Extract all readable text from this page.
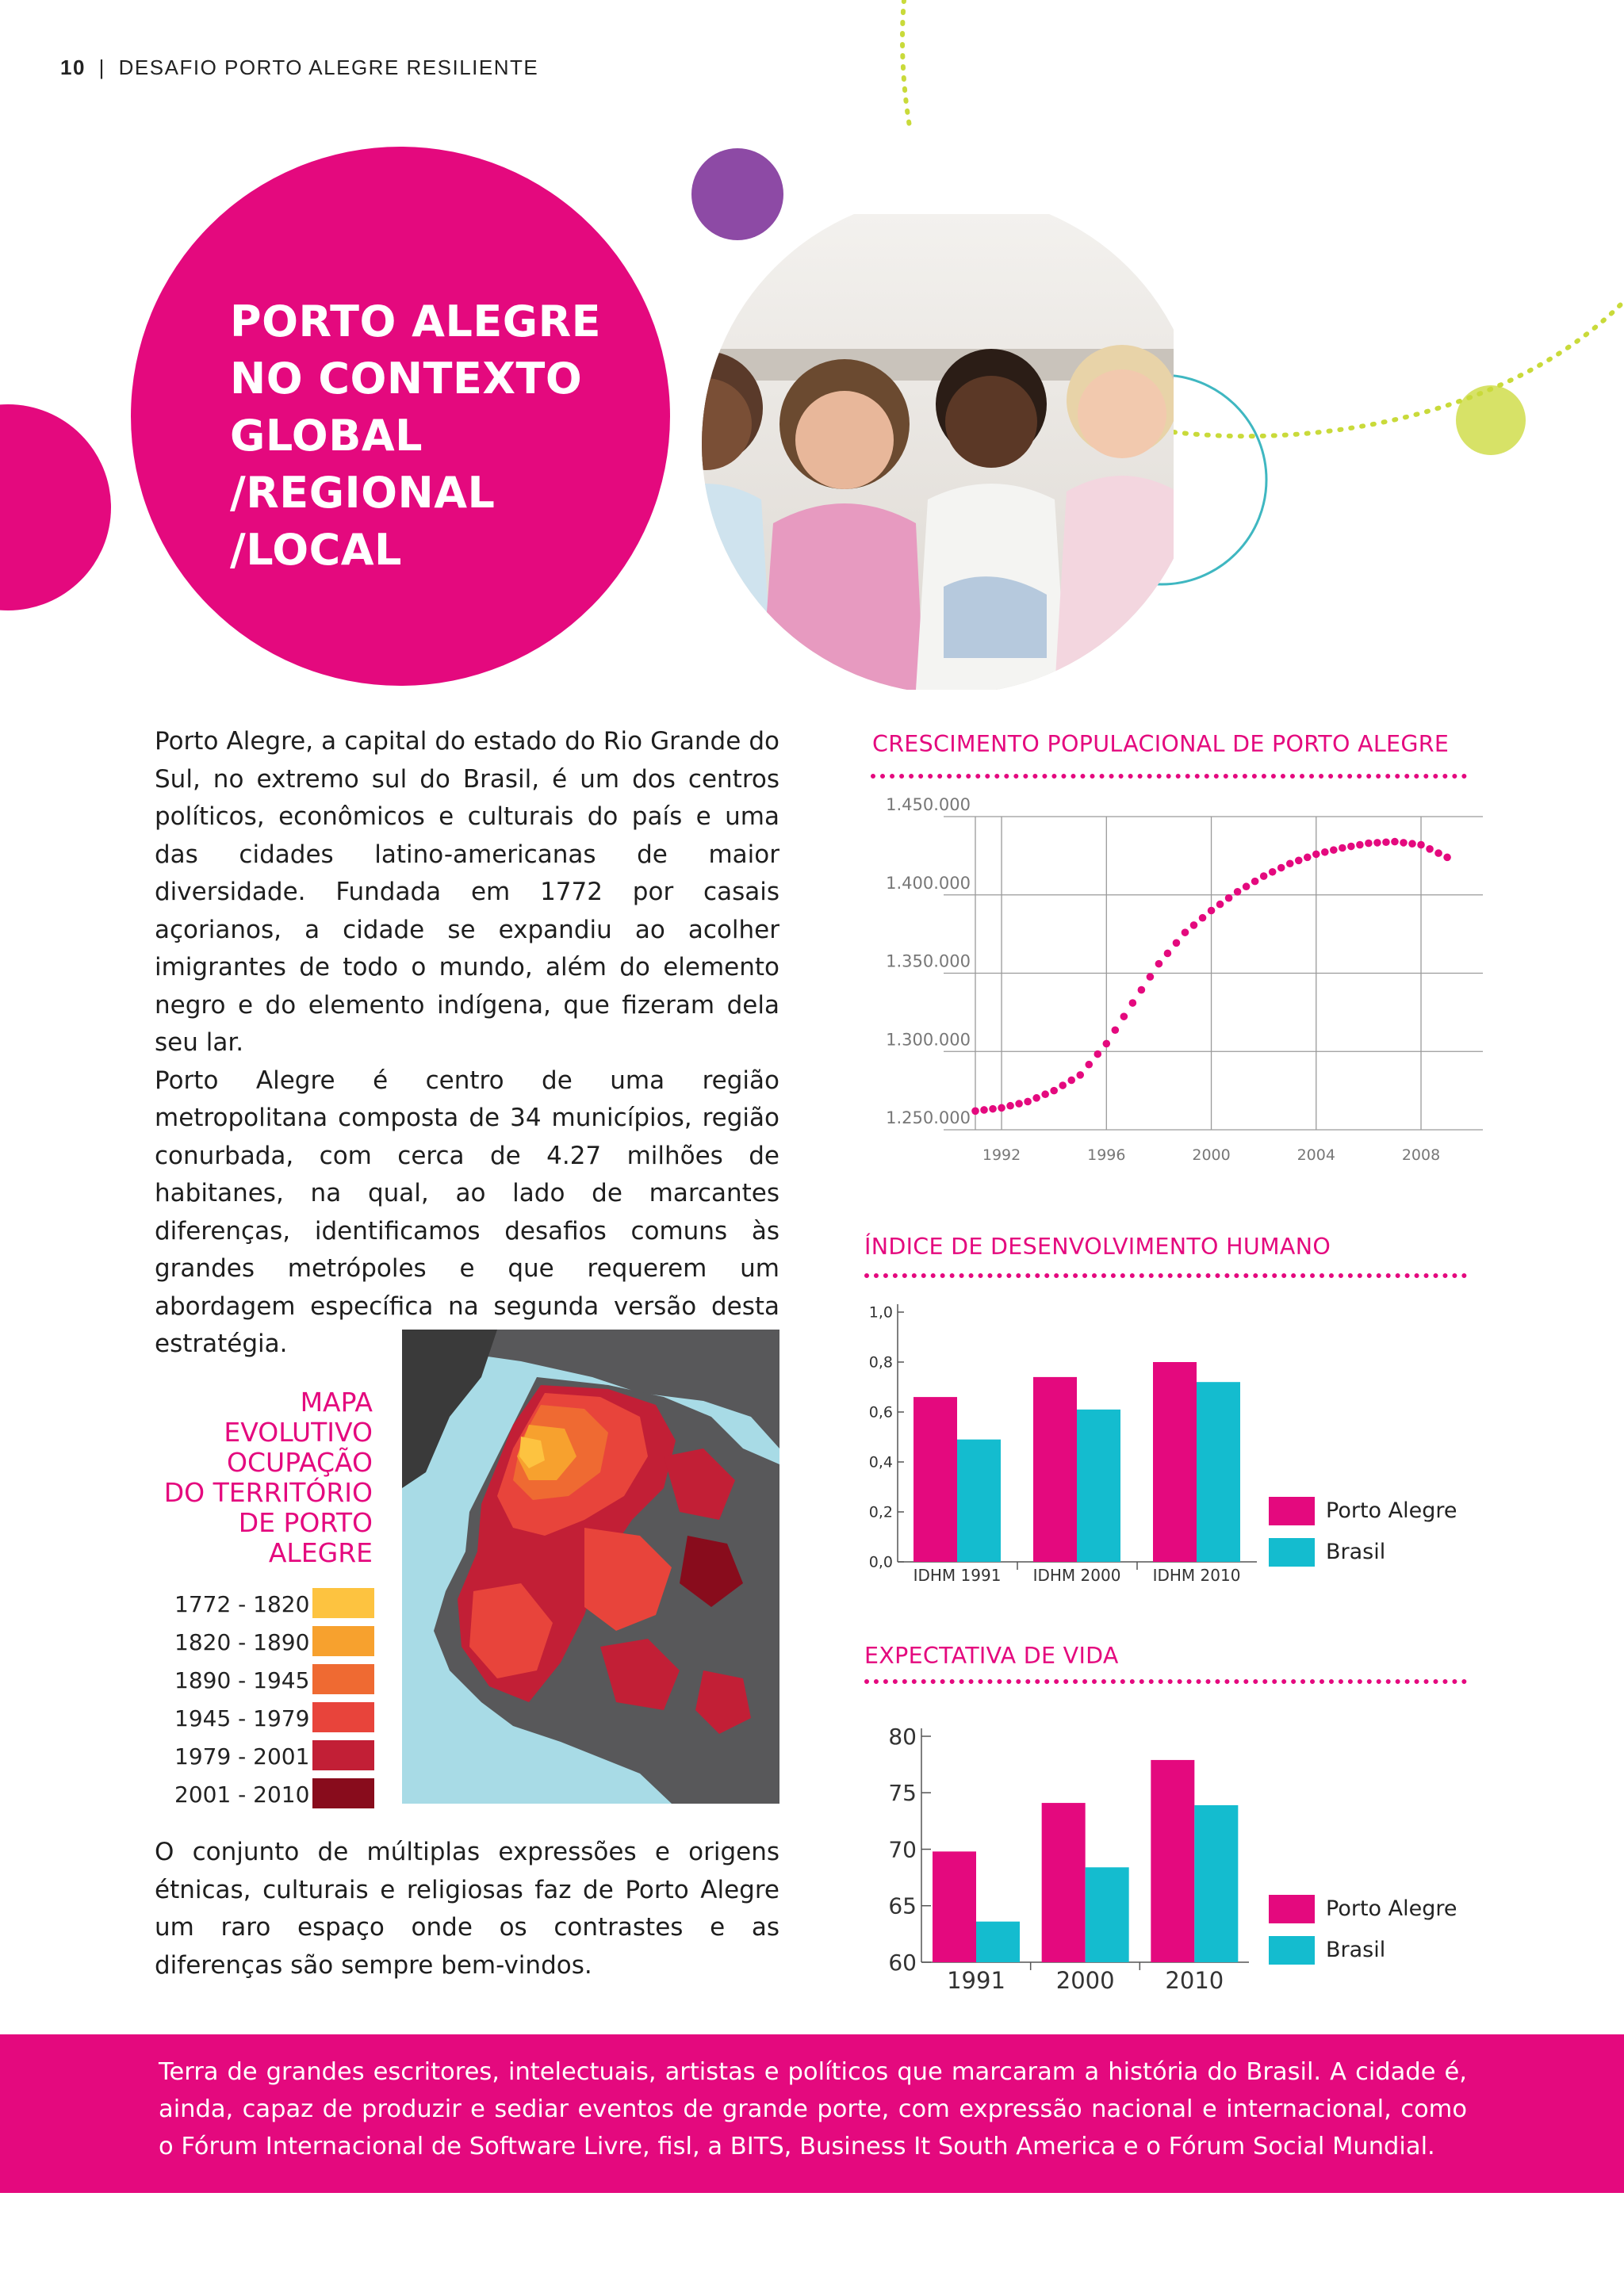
10 | DESAFIO PORTO ALEGRE RESILIENTE
PORTO ALEGRE
NO CONTEXTO
GLOBAL
/REGIONAL
/LOCAL

Porto Alegre, a capital do estado do Rio Grande do Sul, no extremo sul do Brasil, é um dos centros políticos, econômicos e culturais do país e uma das cidades latino-americanas de maior diversidade. Fundada em 1772 por casais açorianos, a cidade se expandiu ao acolher imigrantes de todo o mundo, além do elemento negro e do elemento indígena, que fizeram dela seu lar.

Porto Alegre é centro de uma região metropolitana composta de 34 municípios, região conurbada, com cerca de 4.27 milhões de habitanes, na qual, ao lado de marcantes diferenças, identificamos desafios comuns às grandes metrópoles e que requerem um abordagem específica na segunda versão desta estratégia.

MAPA
EVOLUTIVO
OCUPAÇÃO
DO TERRITÓRIO
DE PORTO
ALEGRE
1772 - 1820
1820 - 1890
1890 - 1945
1945 - 1979
1979 - 2001
2001 - 2010
O conjunto de múltiplas expressões e origens étnicas, culturais e religiosas faz de Porto Alegre um raro espaço onde os contrastes e as diferenças são sempre bem-vindos.
CRESCIMENTO POPULACIONAL DE PORTO ALEGRE
1.250.000
1.300.000
1.350.000
1.400.000
1.450.000
1992	1996	2000	2004	2008
ÍNDICE DE DESENVOLVIMENTO HUMANO
0,0
0,2
0,4
0,6
0,8
1,0
IDHM 1991 IDHM 2000 IDHM 2010
Porto Alegre
Brasil
EXPECTATIVA DE VIDA
60
65
70
75
80
1991 2000 2010
Porto Alegre
Brasil
Terra de grandes escritores, intelectuais, artistas e políticos que marcaram a história do Brasil. A cidade é, ainda, capaz de produzir e sediar eventos de grande porte, com expressão nacional e internacional, como o Fórum Internacional de Software Livre, fisl, a BITS, Business It South America e o Fórum Social Mundial.
